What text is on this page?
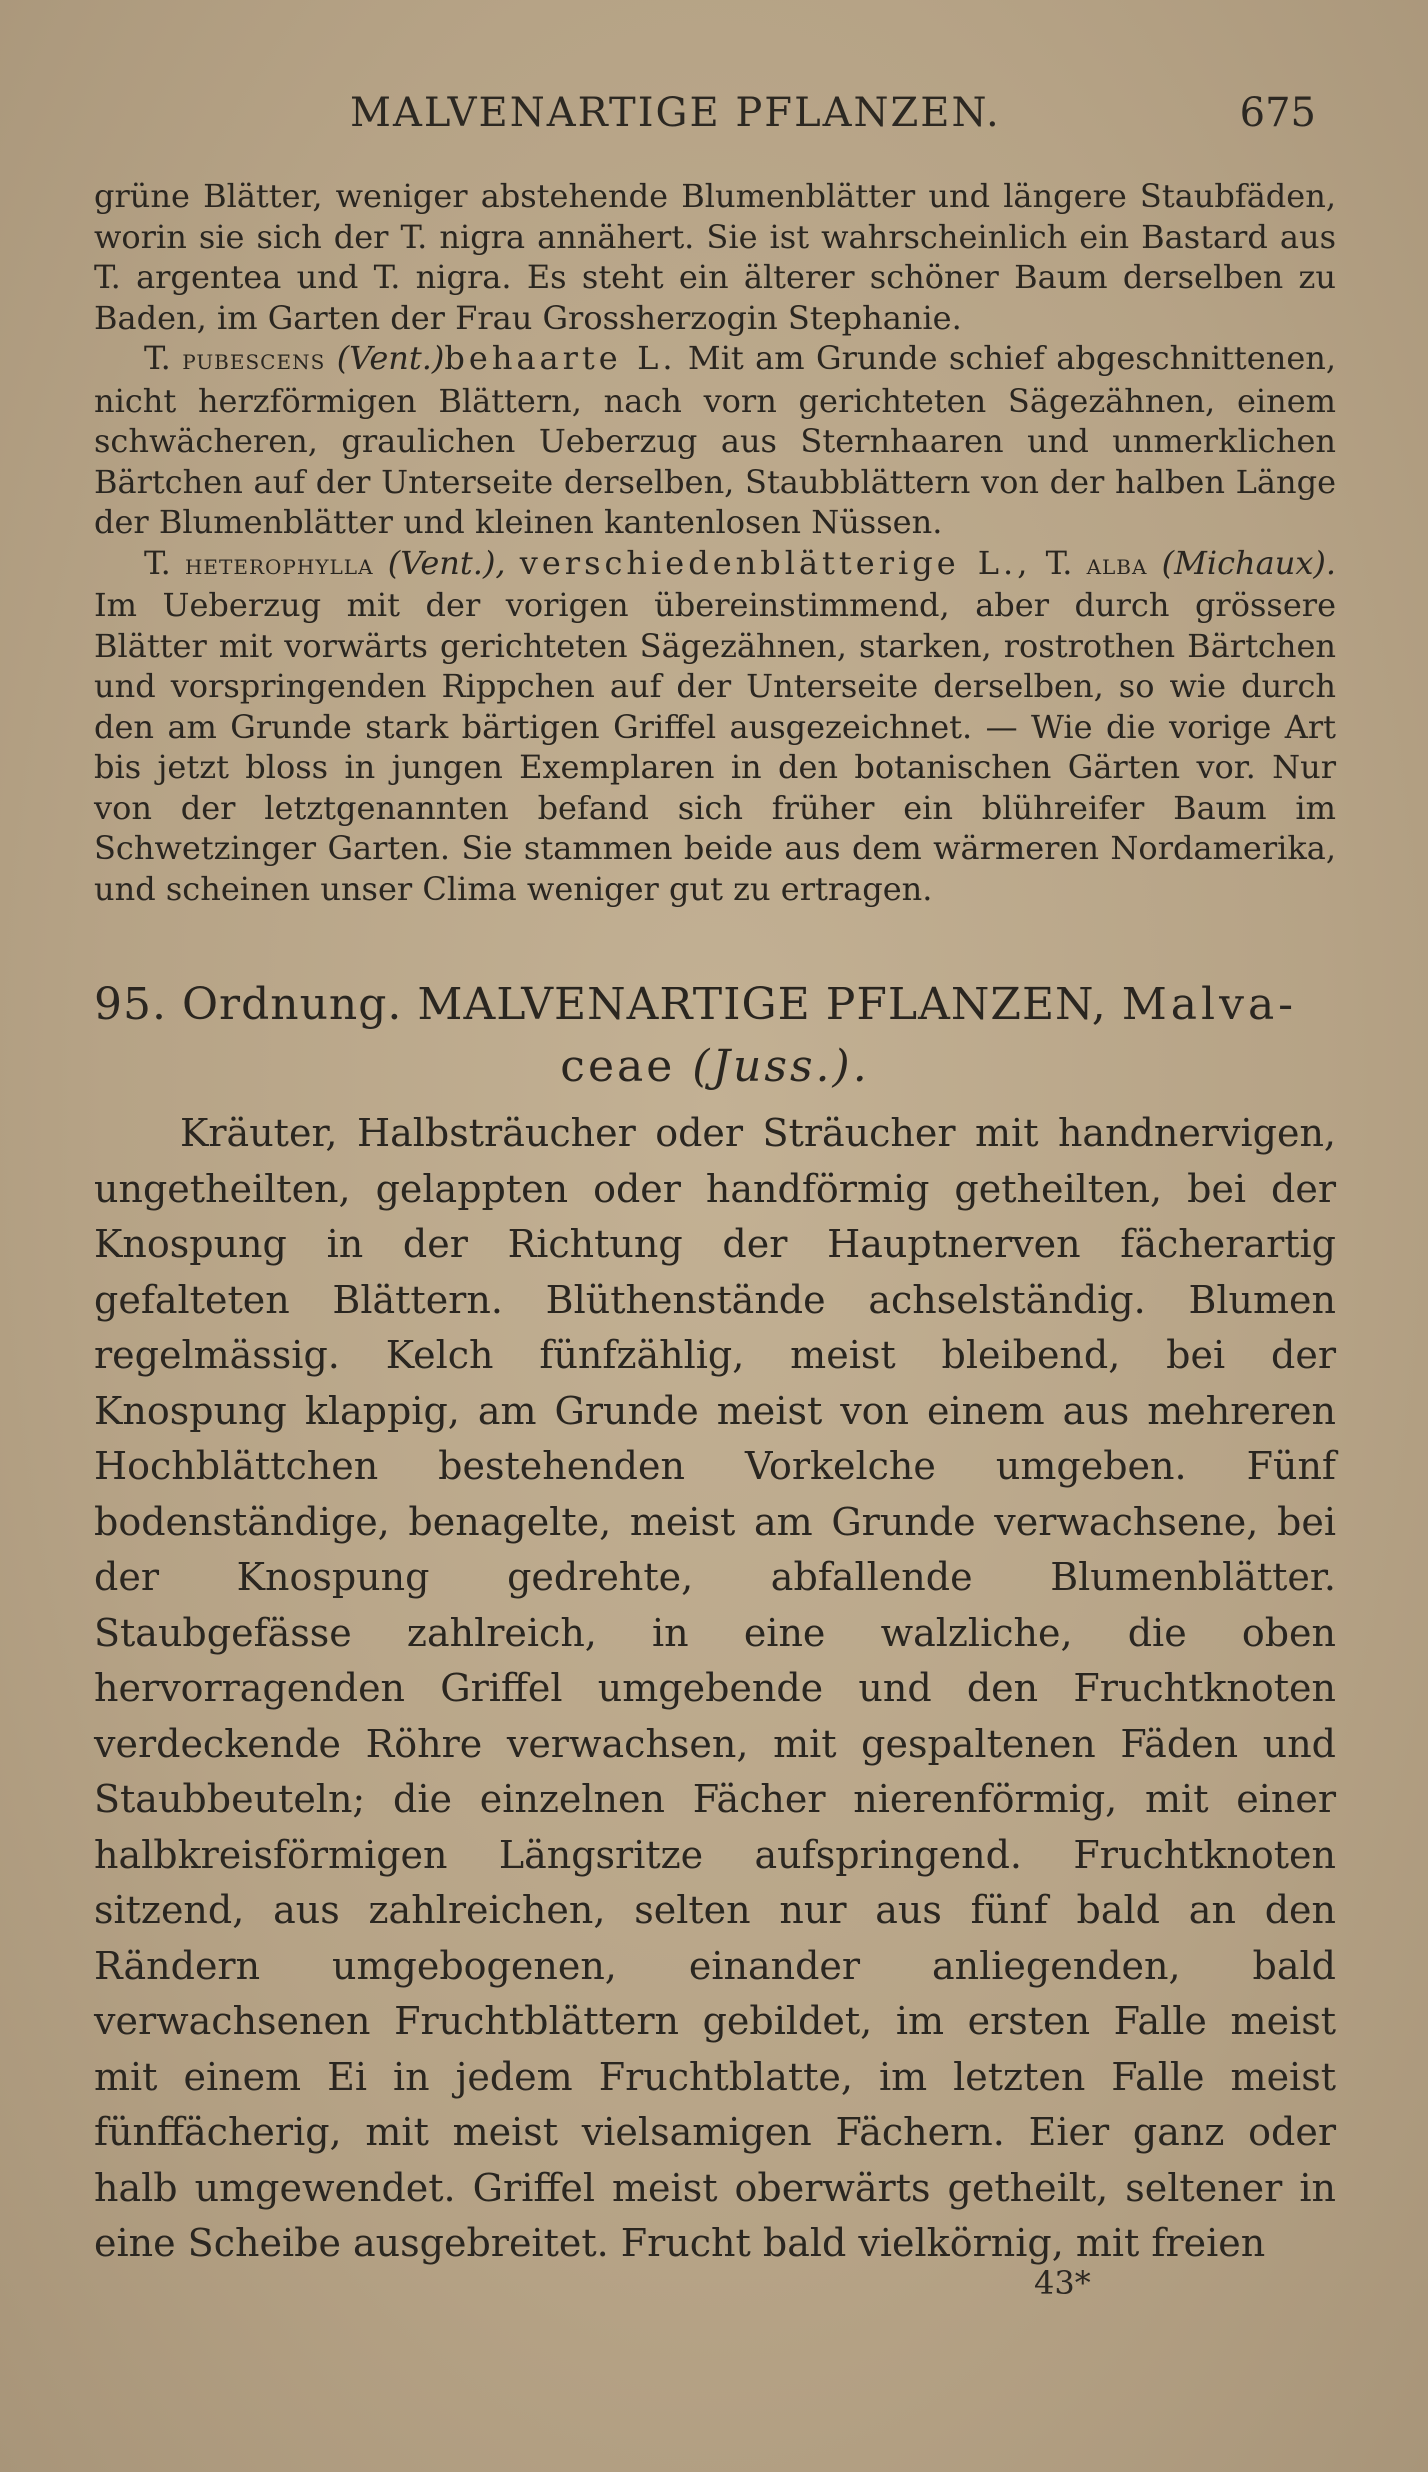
MALVENARTIGE PFLANZEN.	675

grüne Blätter, weniger abstehende Blumenblätter und längere Staubfäden, worin sie sich der T. nigra annähert. Sie ist wahrscheinlich ein Bastard aus T. argentea und T. nigra. Es steht ein älterer schöner Baum derselben zu Baden, im Garten der Frau Grossherzogin Stephanie.

T. pubescens (Vent.)behaarte L. Mit am Grunde schief abgeschnittenen, nicht herzförmigen Blättern, nach vorn gerichteten Sägezähnen, einem schwächeren, graulichen Ueberzug aus Sternhaaren und unmerklichen Bärtchen auf der Unterseite derselben, Staubblättern von der halben Länge der Blumenblätter und kleinen kantenlosen Nüssen.

T. heterophylla (Vent.), verschiedenblätterige L., T. alba (Michaux). Im Ueberzug mit der vorigen übereinstimmend, aber durch grössere Blätter mit vorwärts gerichteten Sägezähnen, starken, rostrothen Bärtchen und vorspringenden Rippchen auf der Unterseite derselben, so wie durch den am Grunde stark bärtigen Griffel ausgezeichnet. — Wie die vorige Art bis jetzt bloss in jungen Exemplaren in den botanischen Gärten vor. Nur von der letztgenannten befand sich früher ein blühreifer Baum im Schwetzinger Garten. Sie stammen beide aus dem wärmeren Nordamerika, und scheinen unser Clima weniger gut zu ertragen.

95. Ordnung. MALVENARTIGE PFLANZEN, Malva-
ceae (Juss.).

Kräuter, Halbsträucher oder Sträucher mit handnervigen, ungetheilten, gelappten oder handförmig getheilten, bei der Knospung in der Richtung der Hauptnerven fächerartig gefalteten Blättern. Blüthenstände achselständig. Blumen regelmässig. Kelch fünfzählig, meist bleibend, bei der Knospung klappig, am Grunde meist von einem aus mehreren Hochblättchen bestehenden Vorkelche umgeben. Fünf bodenständige, benagelte, meist am Grunde verwachsene, bei der Knospung gedrehte, abfallende Blumenblätter. Staubgefässe zahlreich, in eine walzliche, die oben hervorragenden Griffel umgebende und den Fruchtknoten verdeckende Röhre verwachsen, mit gespaltenen Fäden und Staubbeuteln; die einzelnen Fächer nierenförmig, mit einer halbkreisförmigen Längsritze aufspringend. Fruchtknoten sitzend, aus zahlreichen, selten nur aus fünf bald an den Rändern umgebogenen, einander anliegenden, bald verwachsenen Fruchtblättern gebildet, im ersten Falle meist mit einem Ei in jedem Fruchtblatte, im letzten Falle meist fünffächerig, mit meist vielsamigen Fächern. Eier ganz oder halb umgewendet. Griffel meist oberwärts getheilt, seltener in eine Scheibe ausgebreitet. Frucht bald vielkörnig, mit freien

43*
